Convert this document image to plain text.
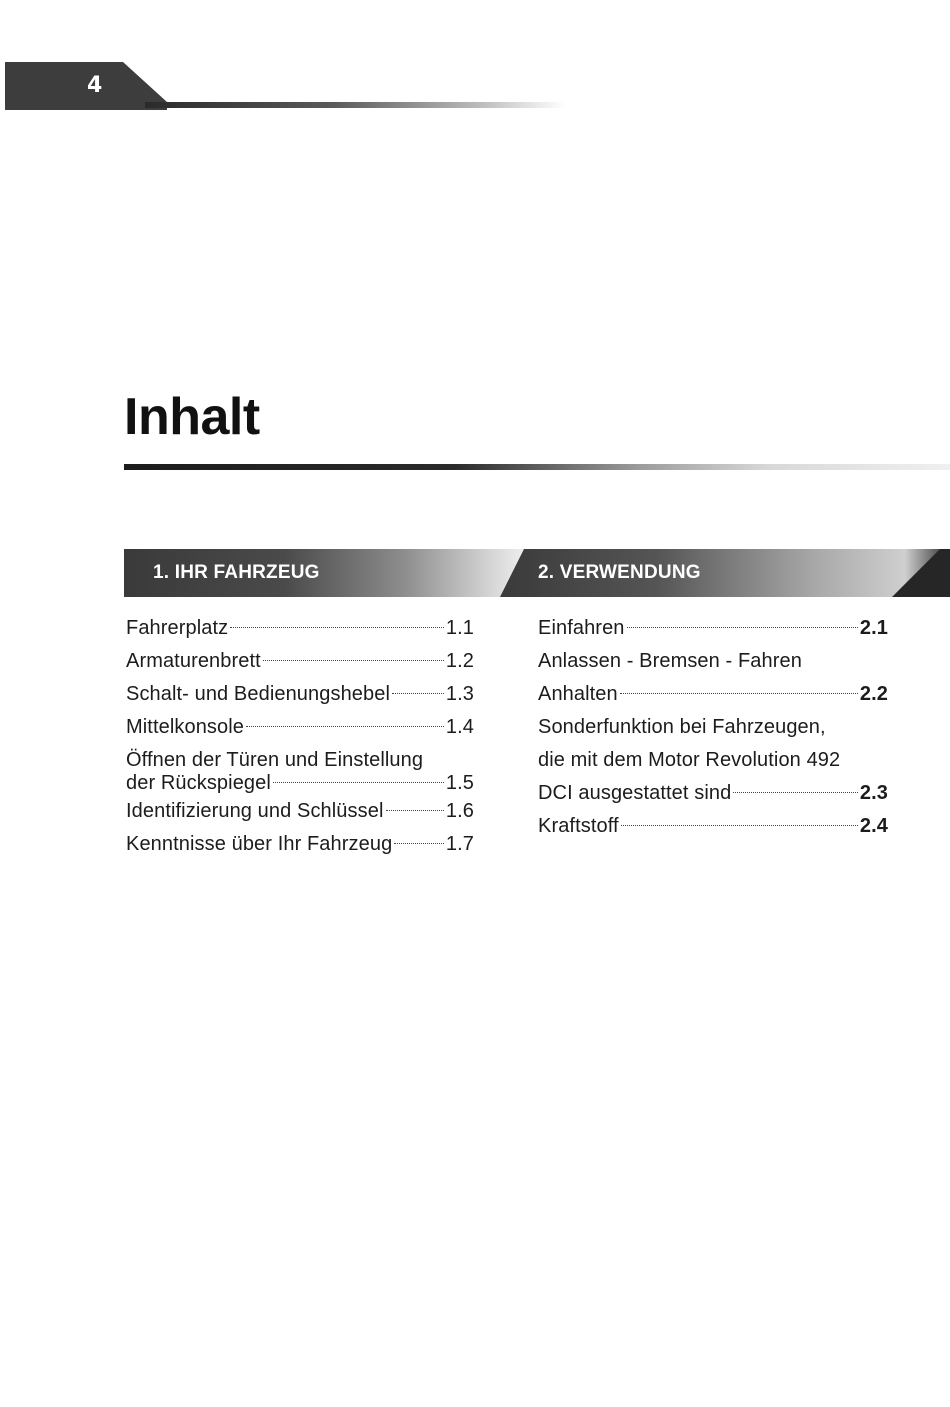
4
Inhalt
1. IHR FAHRZEUG	2. VERWENDUNG
Fahrerplatz	1.1
Armaturenbrett	1.2
Schalt- und Bedienungshebel	1.3
Mittelkonsole	1.4
Öffnen der Türen und Einstellung
der Rückspiegel	1.5
Identifizierung und Schlüssel	1.6
Kenntnisse über Ihr Fahrzeug	1.7
Einfahren	2.1
Anlassen - Bremsen - Fahren
Anhalten	2.2
Sonderfunktion bei Fahrzeugen,
die mit dem Motor Revolution 492
DCI ausgestattet sind	2.3
Kraftstoff	2.4
